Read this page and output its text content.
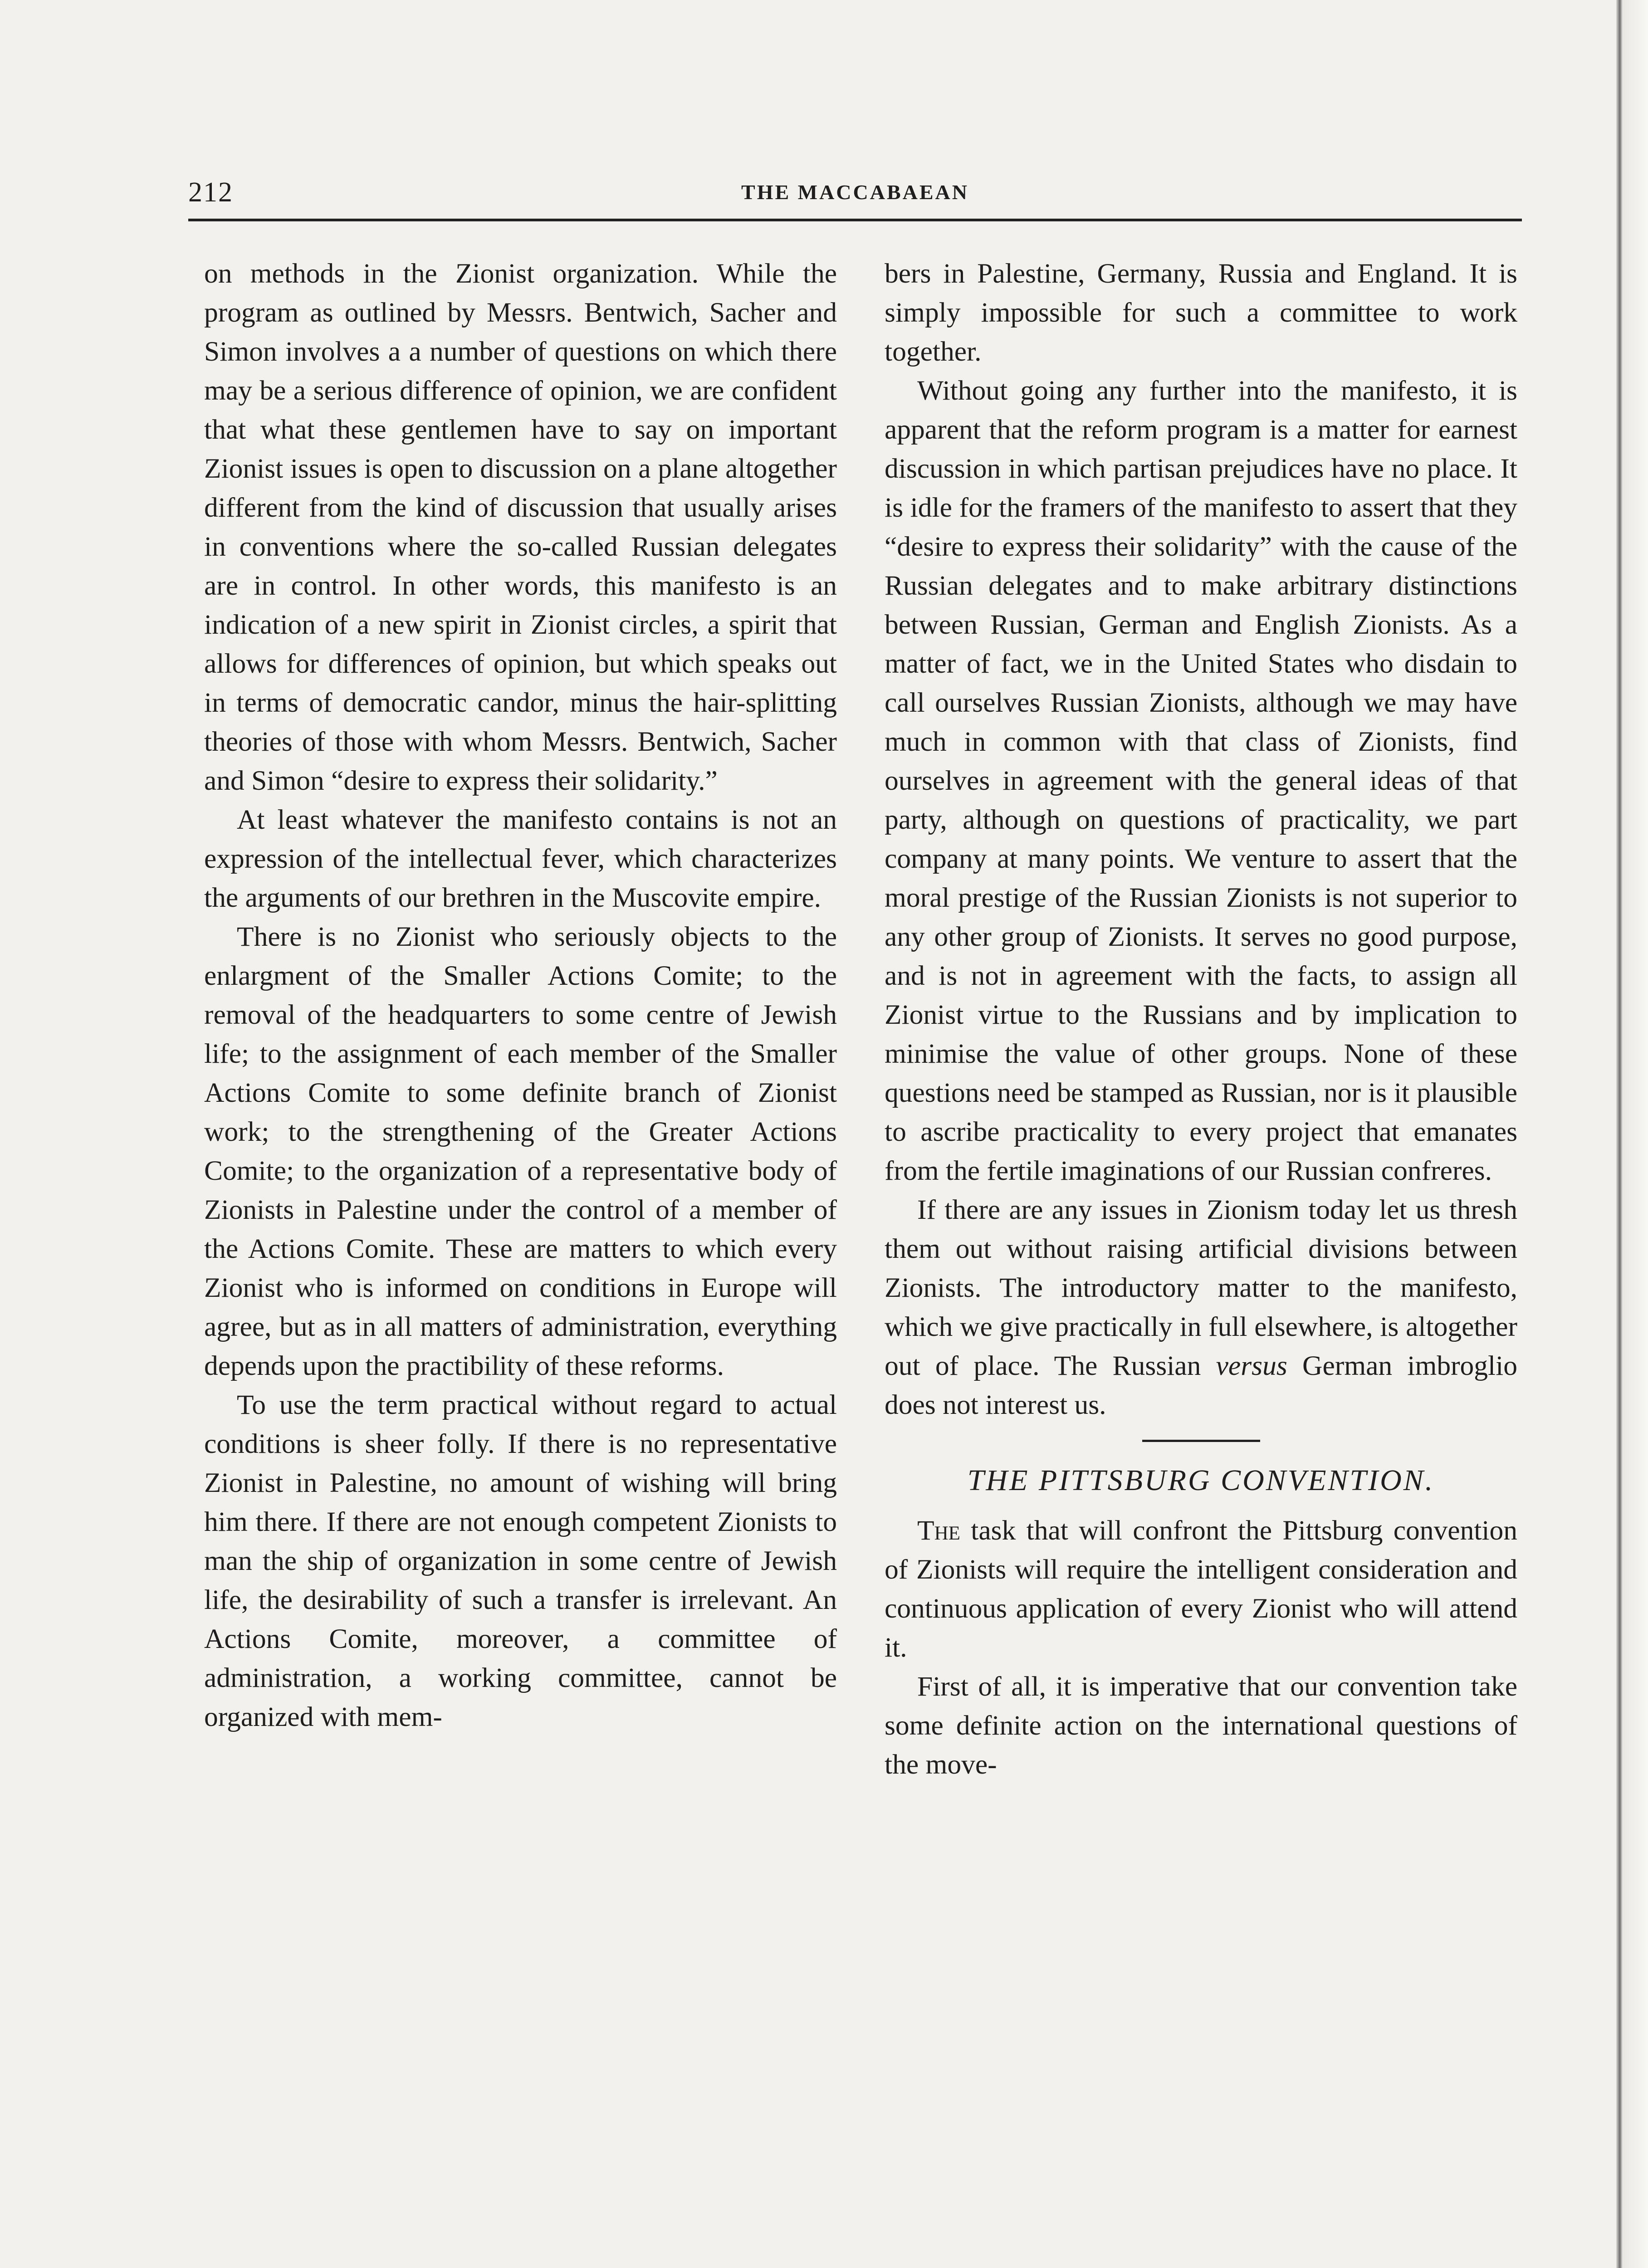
212	THE MACCABAEAN

on methods in the Zionist organization. While the program as outlined by Messrs. Bentwich, Sacher and Simon involves a a number of questions on which there may be a serious difference of opinion, we are confident that what these gentlemen have to say on important Zionist issues is open to discussion on a plane altogether different from the kind of discussion that usually arises in conventions where the so-called Russian delegates are in control. In other words, this manifesto is an indication of a new spirit in Zionist circles, a spirit that allows for differences of opinion, but which speaks out in terms of democratic candor, minus the hair-splitting theories of those with whom Messrs. Bentwich, Sacher and Simon “desire to express their solidarity.”

At least whatever the manifesto contains is not an expression of the intellectual fever, which characterizes the arguments of our brethren in the Muscovite empire.

There is no Zionist who seriously objects to the enlargment of the Smaller Actions Comite; to the removal of the headquarters to some centre of Jewish life; to the assignment of each member of the Smaller Actions Comite to some definite branch of Zionist work; to the strengthening of the Greater Actions Comite; to the organization of a representative body of Zionists in Palestine under the control of a member of the Actions Comite. These are matters to which every Zionist who is informed on conditions in Europe will agree, but as in all matters of administration, everything depends upon the practibility of these reforms.

To use the term practical without regard to actual conditions is sheer folly. If there is no representative Zionist in Palestine, no amount of wishing will bring him there. If there are not enough competent Zionists to man the ship of organization in some centre of Jewish life, the desirability of such a transfer is irrelevant. An Actions Comite, moreover, a committee of administration, a working committee, cannot be organized with mem-

bers in Palestine, Germany, Russia and England. It is simply impossible for such a committee to work together.

Without going any further into the manifesto, it is apparent that the reform program is a matter for earnest discussion in which partisan prejudices have no place. It is idle for the framers of the manifesto to assert that they “desire to express their solidarity” with the cause of the Russian delegates and to make arbitrary distinctions between Russian, German and English Zionists. As a matter of fact, we in the United States who disdain to call ourselves Russian Zionists, although we may have much in common with that class of Zionists, find ourselves in agreement with the general ideas of that party, although on questions of practicality, we part company at many points. We venture to assert that the moral prestige of the Russian Zionists is not superior to any other group of Zionists. It serves no good purpose, and is not in agreement with the facts, to assign all Zionist virtue to the Russians and by implication to minimise the value of other groups. None of these questions need be stamped as Russian, nor is it plausible to ascribe practicality to every project that emanates from the fertile imaginations of our Russian confreres.

If there are any issues in Zionism today let us thresh them out without raising artificial divisions between Zionists. The introductory matter to the manifesto, which we give practically in full elsewhere, is altogether out of place. The Russian versus German imbroglio does not interest us.

THE PITTSBURG CONVENTION.

The task that will confront the Pittsburg convention of Zionists will require the intelligent consideration and continuous application of every Zionist who will attend it.

First of all, it is imperative that our convention take some definite action on the international questions of the move-
